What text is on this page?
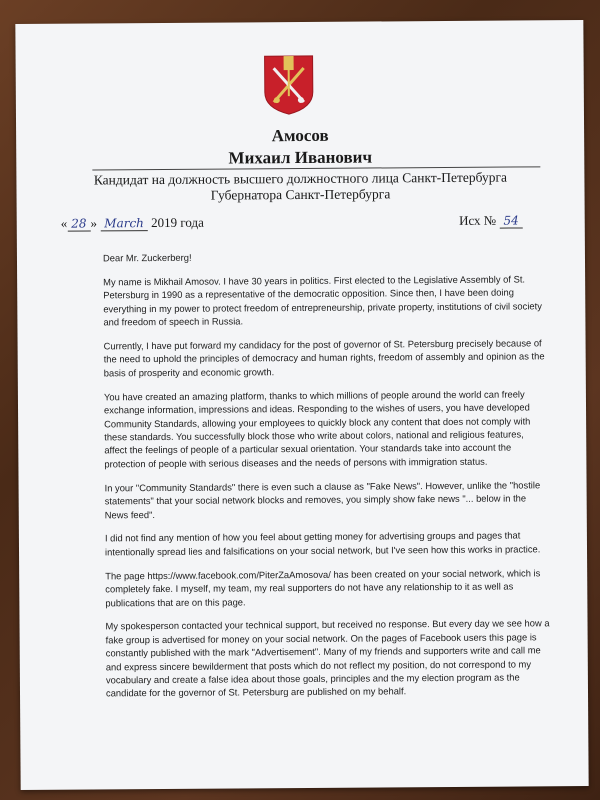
Амосов
Михаил Иванович
Кандидат на должность высшего должностного лица Санкт-Петербурга
Губернатора Санкт-Петербурга
« 28 » March 2019 года	Исх № 54

Dear Mr. Zuckerberg!

My name is Mikhail Amosov. I have 30 years in politics. First elected to the Legislative Assembly of St. Petersburg in 1990 as a representative of the democratic opposition. Since then, I have been doing everything in my power to protect freedom of entrepreneurship, private property, institutions of civil society and freedom of speech in Russia.

Currently, I have put forward my candidacy for the post of governor of St. Petersburg precisely because of the need to uphold the principles of democracy and human rights, freedom of assembly and opinion as the basis of prosperity and economic growth.

You have created an amazing platform, thanks to which millions of people around the world can freely exchange information, impressions and ideas. Responding to the wishes of users, you have developed Community Standards, allowing your employees to quickly block any content that does not comply with these standards. You successfully block those who write about colors, national and religious features, affect the feelings of people of a particular sexual orientation. Your standards take into account the protection of people with serious diseases and the needs of persons with immigration status.

In your "Community Standards" there is even such a clause as "Fake News". However, unlike the "hostile statements" that your social network blocks and removes, you simply show fake news "... below in the News feed".

I did not find any mention of how you feel about getting money for advertising groups and pages that intentionally spread lies and falsifications on your social network, but I've seen how this works in practice.

The page https://www.facebook.com/PiterZaAmosova/ has been created on your social network, which is completely fake. I myself, my team, my real supporters do not have any relationship to it as well as publications that are on this page.

My spokesperson contacted your technical support, but received no response. But every day we see how a fake group is advertised for money on your social network. On the pages of Facebook users this page is constantly published with the mark "Advertisement". Many of my friends and supporters write and call me and express sincere bewilderment that posts which do not reflect my position, do not correspond to my vocabulary and create a false idea about those goals, principles and the my election program as the candidate for the governor of St. Petersburg are published on my behalf.
